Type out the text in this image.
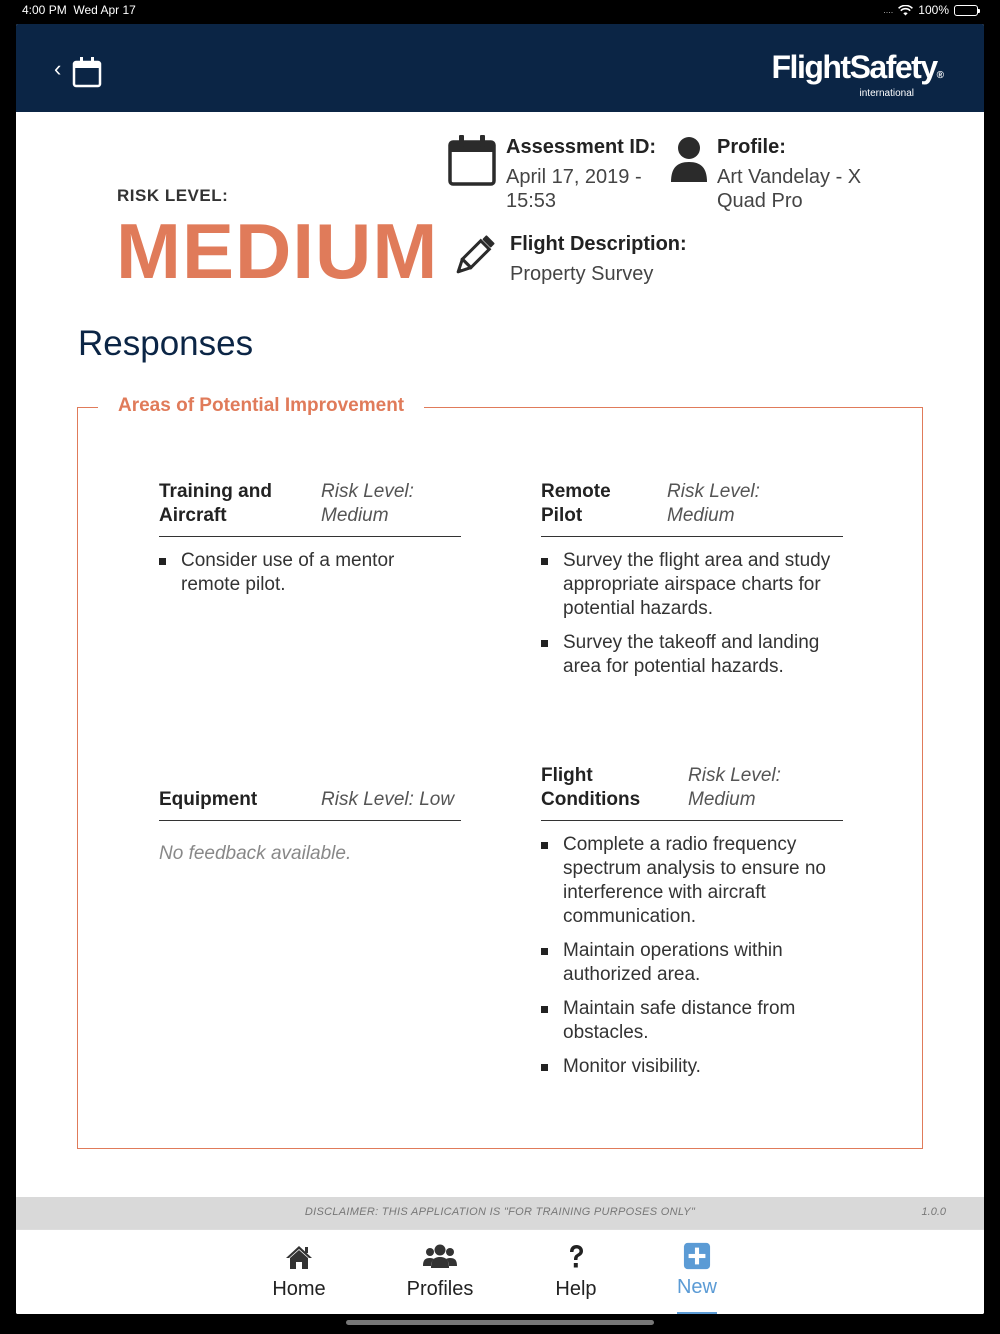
4:00 PM Wed Apr 17	.... 100%
‹	FlightSafety®
international
RISK LEVEL:
MEDIUM
Assessment ID:
April 17, 2019 - 15:53
Profile:
Art Vandelay - X Quad Pro
Flight Description:
Property Survey
Responses
Areas of Potential Improvement
Training and Aircraft
Risk Level: Medium
Consider use of a mentor remote pilot.
Remote Pilot
Risk Level: Medium
Survey the flight area and study appropriate airspace charts for potential hazards.
Survey the takeoff and landing area for potential hazards.
Equipment	Risk Level: Low
No feedback available.
Flight Conditions
Risk Level: Medium
Complete a radio frequency spectrum analysis to ensure no interference with aircraft communication.
Maintain operations within authorized area.
Maintain safe distance from obstacles.
Monitor visibility.
DISCLAIMER: THIS APPLICATION IS "FOR TRAINING PURPOSES ONLY"	1.0.0
Home	Profiles	Help	New
